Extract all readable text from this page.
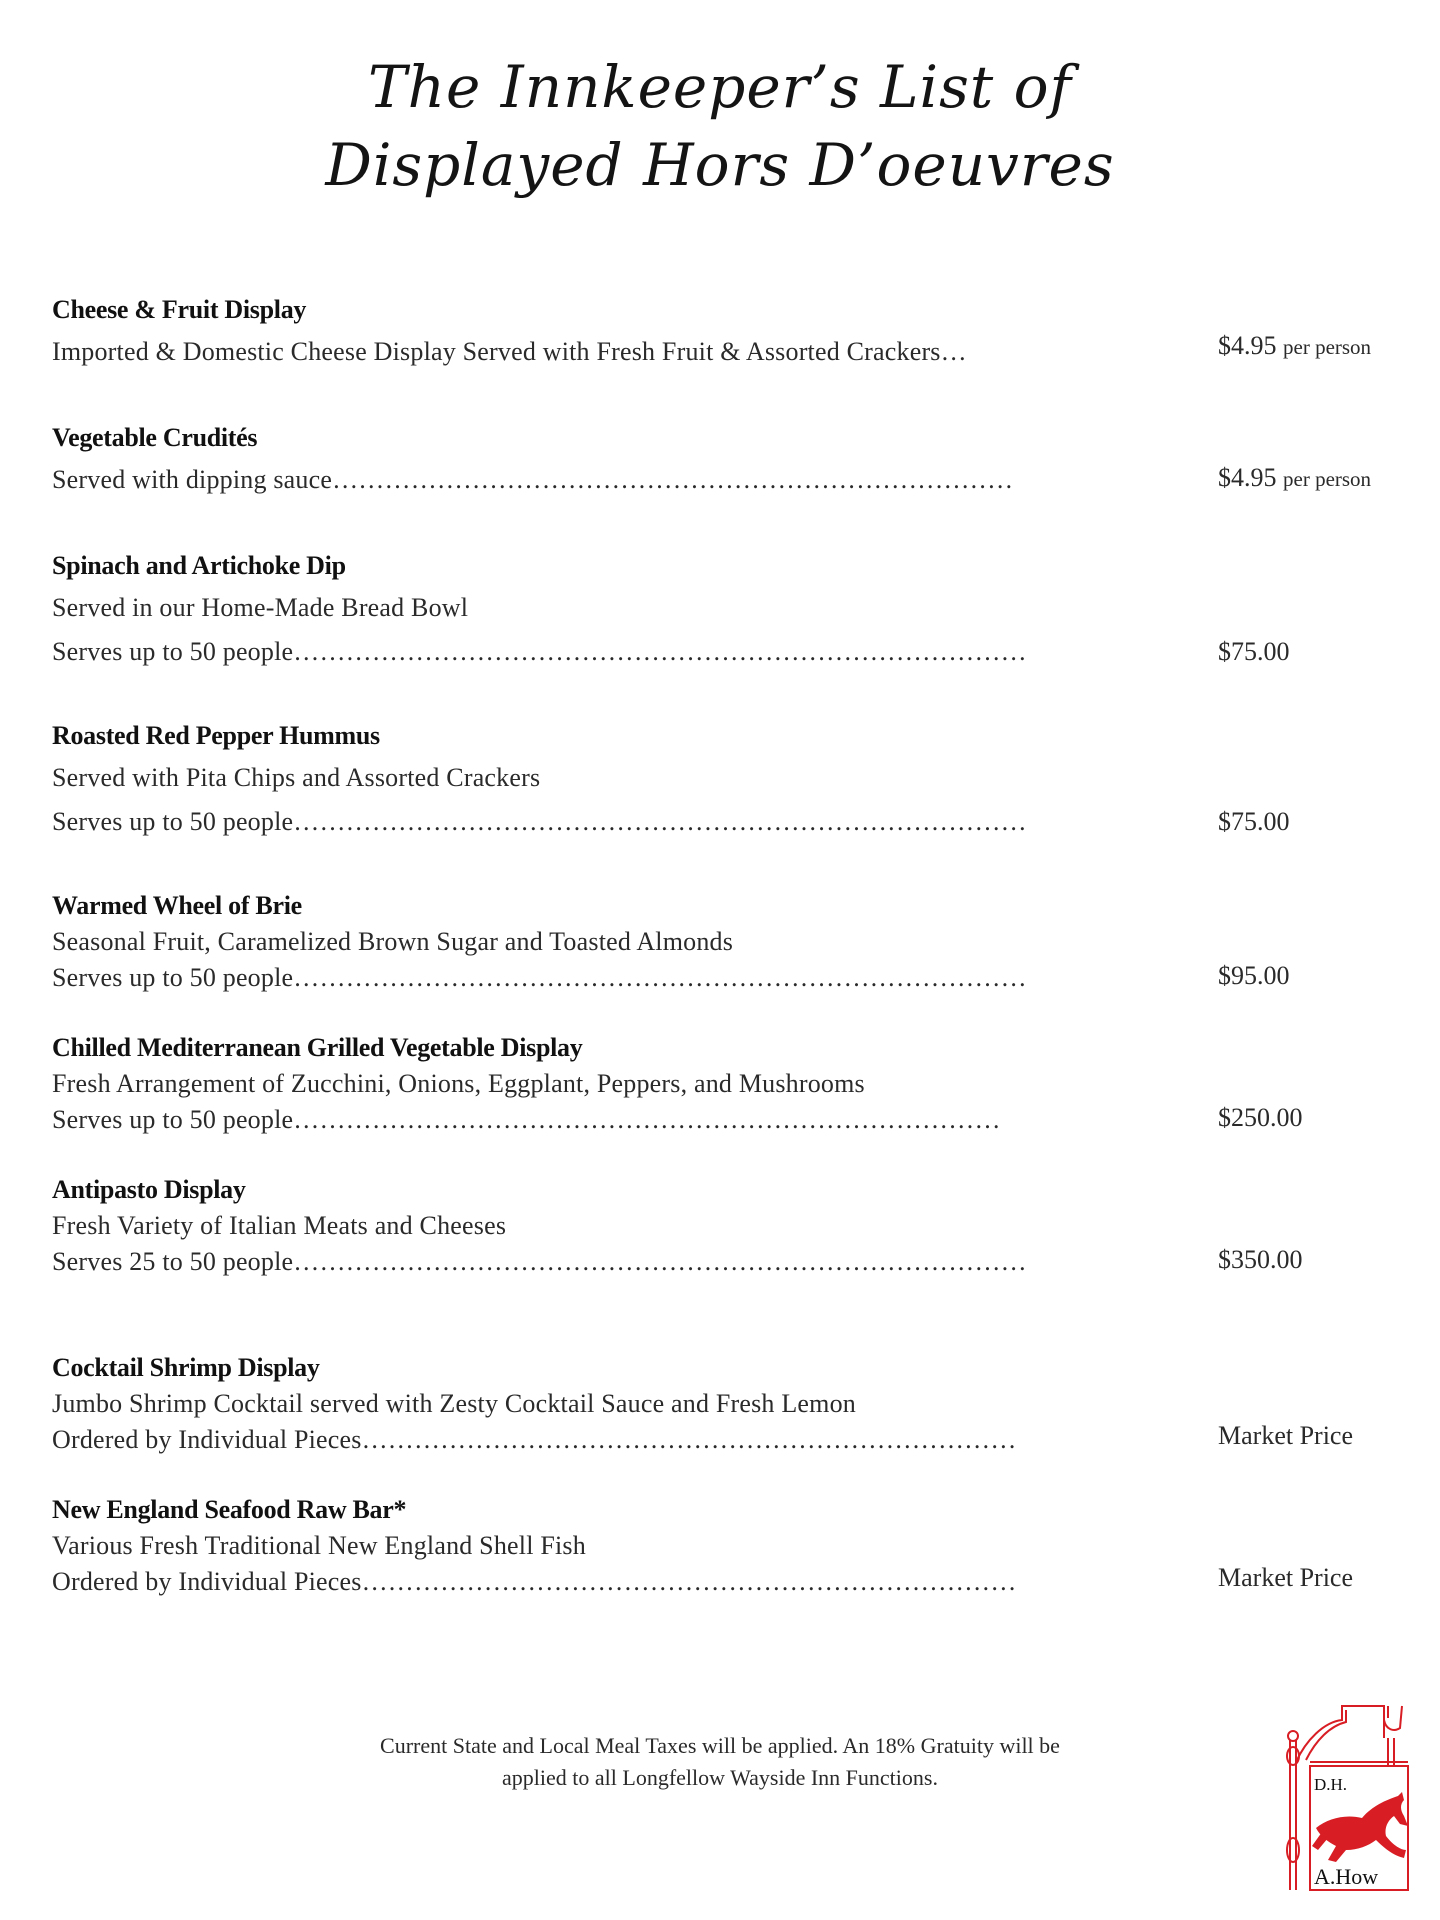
The Innkeeper’s List of
Displayed Hors D’oeuvres
Cheese & Fruit Display
Imported & Domestic Cheese Display Served with Fresh Fruit & Assorted Crackers…	$4.95 per person
Vegetable Crudités
Served with dipping sauce……………………………………………………………………	$4.95 per person
Spinach and Artichoke Dip
Served in our Home-Made Bread Bowl
Serves up to 50 people…………………………………………………………………………	$75.00
Roasted Red Pepper Hummus
Served with Pita Chips and Assorted Crackers
Serves up to 50 people…………………………………………………………………………	$75.00
Warmed Wheel of Brie
Seasonal Fruit, Caramelized Brown Sugar and Toasted Almonds
Serves up to 50 people…………………………………………………………………………	$95.00
Chilled Mediterranean Grilled Vegetable Display
Fresh Arrangement of Zucchini, Onions, Eggplant, Peppers, and Mushrooms
Serves up to 50 people………………………………………………………………………	$250.00
Antipasto Display
Fresh Variety of Italian Meats and Cheeses
Serves 25 to 50 people…………………………………………………………………………	$350.00
Cocktail Shrimp Display
Jumbo Shrimp Cocktail served with Zesty Cocktail Sauce and Fresh Lemon
Ordered by Individual Pieces…………………………………………………………………	Market Price
New England Seafood Raw Bar*
Various Fresh Traditional New England Shell Fish
Ordered by Individual Pieces…………………………………………………………………	Market Price
Current State and Local Meal Taxes will be applied. An 18% Gratuity will be
applied to all Longfellow Wayside Inn Functions.	D.H.
A.How
